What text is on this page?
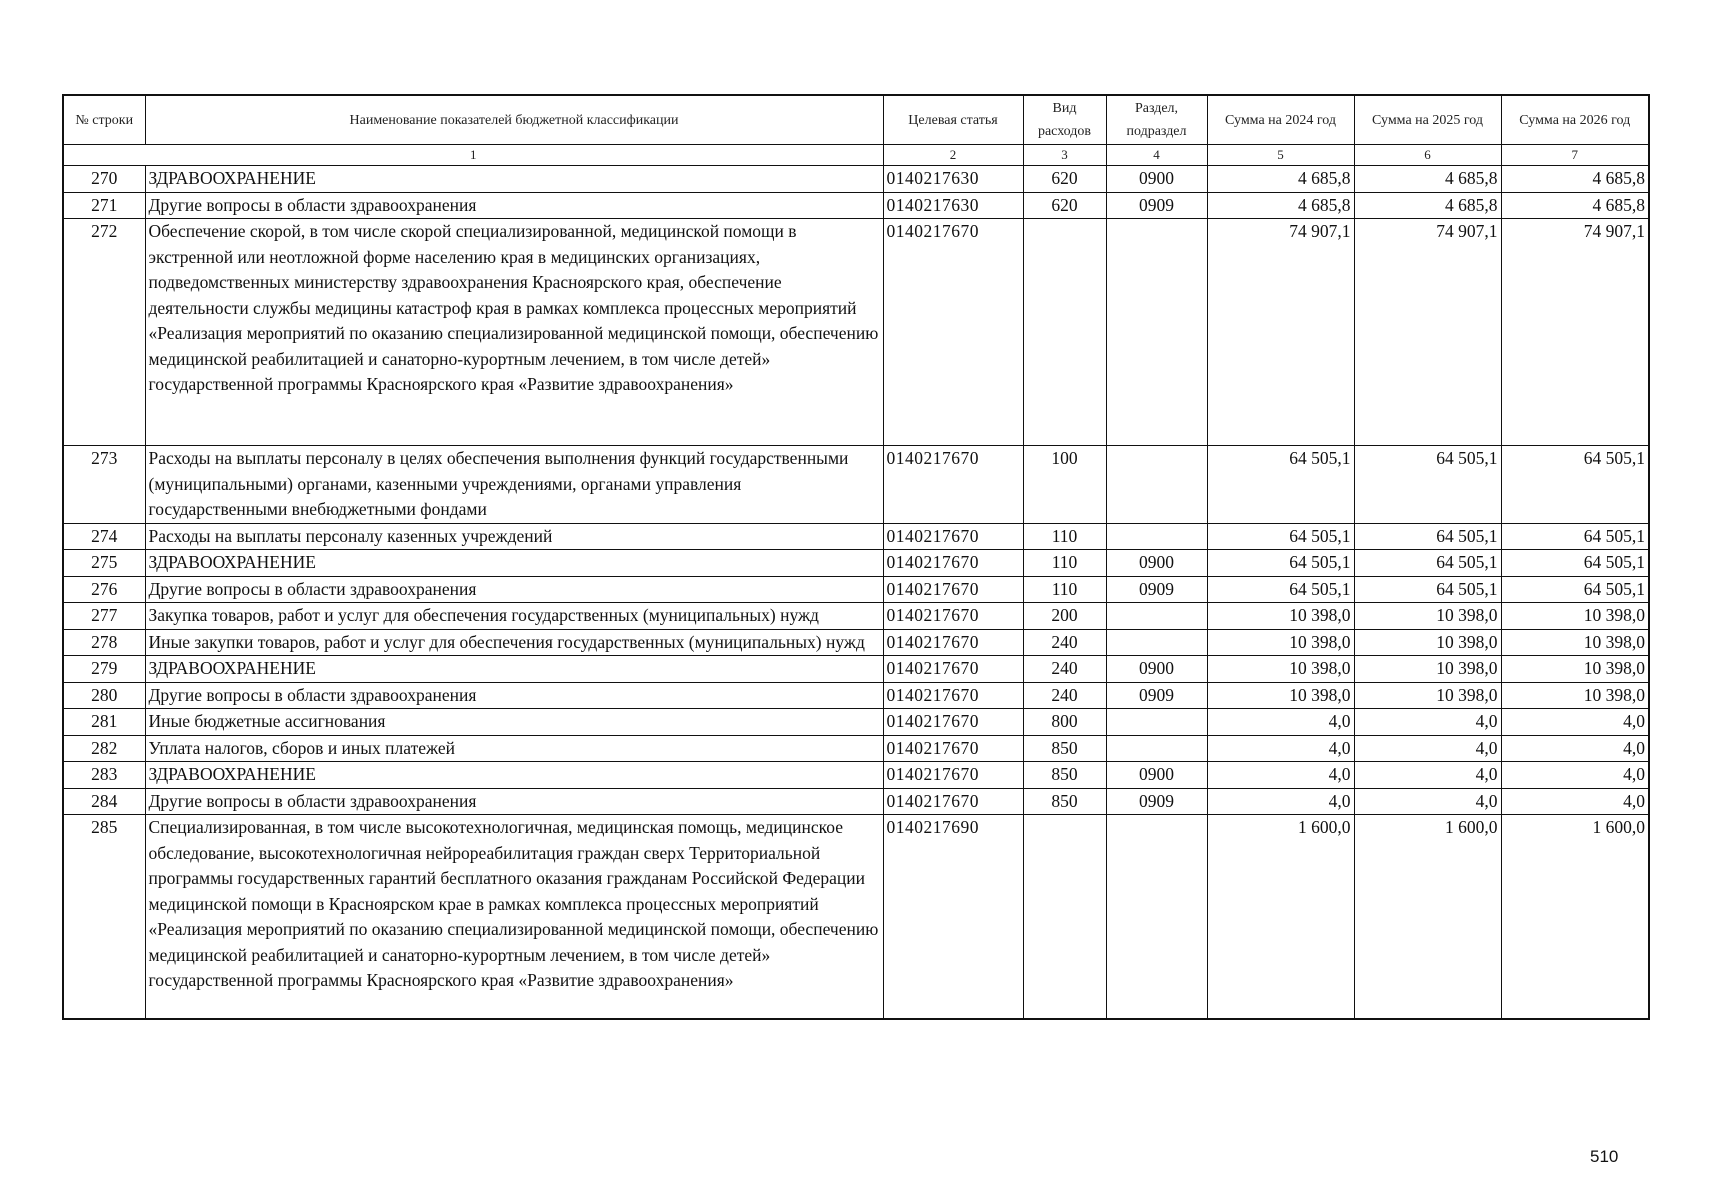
№ строки	Наименование показателей бюджетной классификации	Целевая статья	Вид расходов	Раздел, подраздел	Сумма на 2024 год	Сумма на 2025 год	Сумма на 2026 год
1		2	3	4	5	6	7
270	ЗДРАВООХРАНЕНИЕ	0140217630	620	0900	4 685,8	4 685,8	4 685,8
271	Другие вопросы в области здравоохранения	0140217630	620	0909	4 685,8	4 685,8	4 685,8
272	Обеспечение скорой, в том числе скорой специализированной, медицинской помощи в экстренной или неотложной форме населению края в медицинских организациях, подведомственных министерству здравоохранения Красноярского края, обеспечение деятельности службы медицины катастроф края в рамках комплекса процессных мероприятий «Реализация мероприятий по оказанию специализированной медицинской помощи, обеспечению медицинской реабилитацией и санаторно-курортным лечением, в том числе детей» государственной программы Красноярского края «Развитие здравоохранения»	0140217670			74 907,1	74 907,1	74 907,1
273	Расходы на выплаты персоналу в целях обеспечения выполнения функций государственными (муниципальными) органами, казенными учреждениями, органами управления государственными внебюджетными фондами	0140217670	100		64 505,1	64 505,1	64 505,1
274	Расходы на выплаты персоналу казенных учреждений	0140217670	110		64 505,1	64 505,1	64 505,1
275	ЗДРАВООХРАНЕНИЕ	0140217670	110	0900	64 505,1	64 505,1	64 505,1
276	Другие вопросы в области здравоохранения	0140217670	110	0909	64 505,1	64 505,1	64 505,1
277	Закупка товаров, работ и услуг для обеспечения государственных (муниципальных) нужд	0140217670	200		10 398,0	10 398,0	10 398,0
278	Иные закупки товаров, работ и услуг для обеспечения государственных (муниципальных) нужд	0140217670	240		10 398,0	10 398,0	10 398,0
279	ЗДРАВООХРАНЕНИЕ	0140217670	240	0900	10 398,0	10 398,0	10 398,0
280	Другие вопросы в области здравоохранения	0140217670	240	0909	10 398,0	10 398,0	10 398,0
281	Иные бюджетные ассигнования	0140217670	800		4,0	4,0	4,0
282	Уплата налогов, сборов и иных платежей	0140217670	850		4,0	4,0	4,0
283	ЗДРАВООХРАНЕНИЕ	0140217670	850	0900	4,0	4,0	4,0
284	Другие вопросы в области здравоохранения	0140217670	850	0909	4,0	4,0	4,0
285	Специализированная, в том числе высокотехнологичная, медицинская помощь, медицинское обследование, высокотехнологичная нейрореабилитация граждан сверх Территориальной программы государственных гарантий бесплатного оказания гражданам Российской Федерации медицинской помощи в Красноярском крае в рамках комплекса процессных мероприятий «Реализация мероприятий по оказанию специализированной медицинской помощи, обеспечению медицинской реабилитацией и санаторно-курортным лечением, в том числе детей» государственной программы Красноярского края «Развитие здравоохранения»	0140217690			1 600,0	1 600,0	1 600,0
510
